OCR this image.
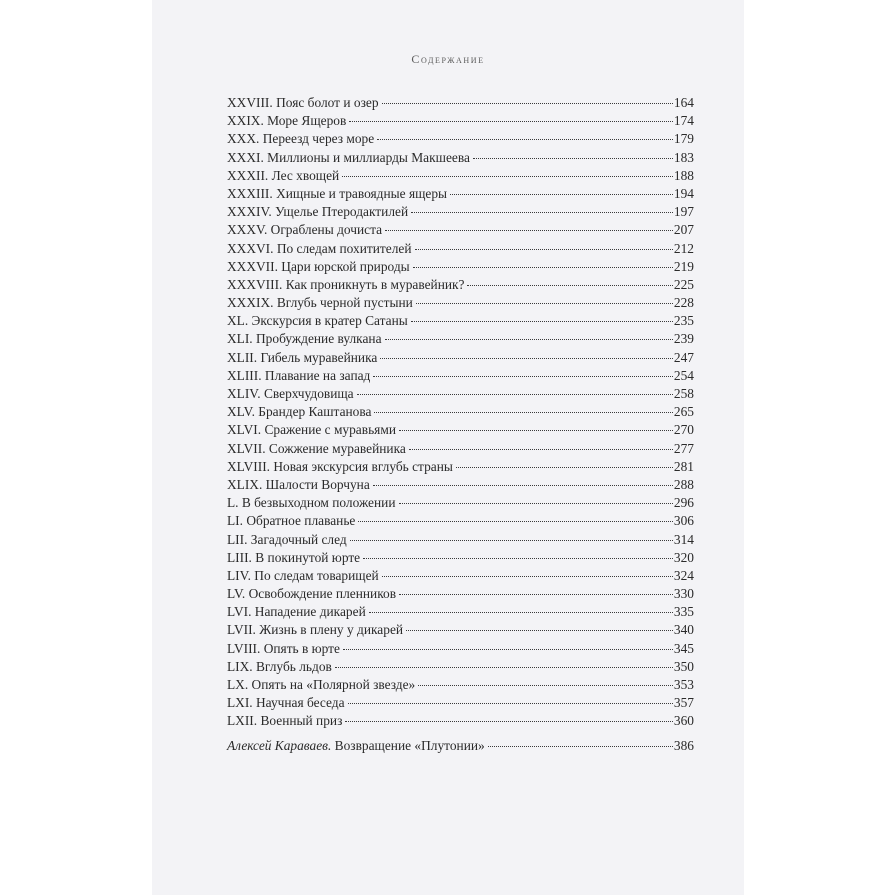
Содержание
XXVIII. Пояс болот и озер	164
XXIX. Море Ящеров	174
XXX. Переезд через море	179
XXXI. Миллионы и миллиарды Макшеева	183
XXXII. Лес хвощей	188
XXXIII. Хищные и травоядные ящеры	194
XXXIV. Ущелье Птеродактилей	197
XXXV. Ограблены дочиста	207
XXXVI. По следам похитителей	212
XXXVII. Цари юрской природы	219
XXXVIII. Как проникнуть в муравейник?	225
XXXIX. Вглубь черной пустыни	228
XL. Экскурсия в кратер Сатаны	235
XLI. Пробуждение вулкана	239
XLII. Гибель муравейника	247
XLIII. Плавание на запад	254
XLIV. Сверхчудовища	258
XLV. Брандер Каштанова	265
XLVI. Сражение с муравьями	270
XLVII. Сожжение муравейника	277
XLVIII. Новая экскурсия вглубь страны	281
XLIX. Шалости Ворчуна	288
L. В безвыходном положении	296
LI. Обратное плаванье	306
LII. Загадочный след	314
LIII. В покинутой юрте	320
LIV. По следам товарищей	324
LV. Освобождение пленников	330
LVI. Нападение дикарей	335
LVII. Жизнь в плену у дикарей	340
LVIII. Опять в юрте	345
LIX. Вглубь льдов	350
LX. Опять на «Полярной звезде»	353
LXI. Научная беседа	357
LXII. Военный приз	360
Алексей Караваев. Возвращение «Плутонии»	386
